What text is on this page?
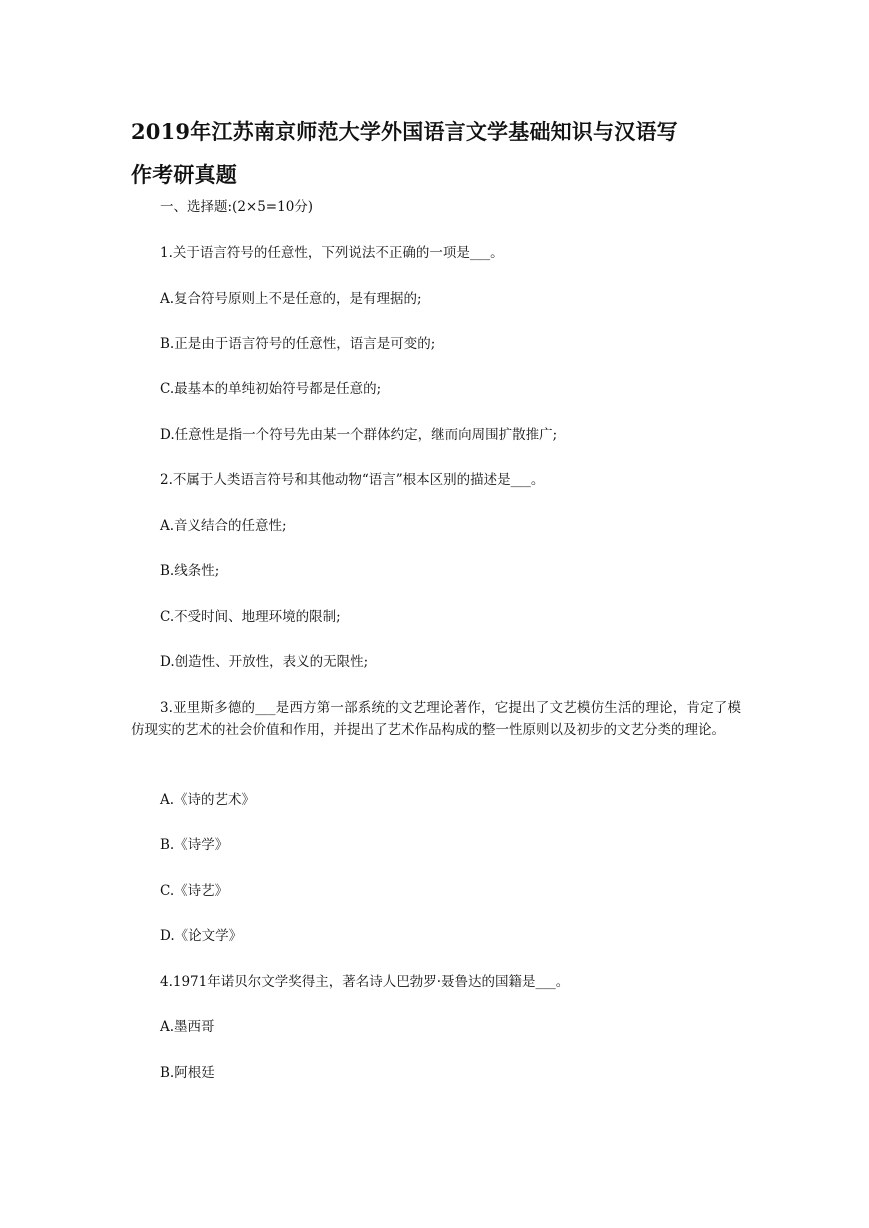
2019年江苏南京师范大学外国语言文学基础知识与汉语写
作考研真题

一、选择题:(2×5=10分)

1.关于语言符号的任意性，下列说法不正确的一项是___。

A.复合符号原则上不是任意的，是有理据的;

B.正是由于语言符号的任意性，语言是可变的;

C.最基本的单纯初始符号都是任意的;

D.任意性是指一个符号先由某一个群体约定，继而向周围扩散推广;

2.不属于人类语言符号和其他动物“语言”根本区别的描述是___。

A.音义结合的任意性;

B.线条性;

C.不受时间、地理环境的限制;

D.创造性、开放性，表义的无限性;

3.亚里斯多德的___是西方第一部系统的文艺理论著作，它提出了文艺模仿生活的理论，肯定了模仿现实的艺术的社会价值和作用，并提出了艺术作品构成的整一性原则以及初步的文艺分类的理论。

A.《诗的艺术》

B.《诗学》

C.《诗艺》

D.《论文学》

4.1971年诺贝尔文学奖得主，著名诗人巴勃罗·聂鲁达的国籍是___。

A.墨西哥

B.阿根廷
